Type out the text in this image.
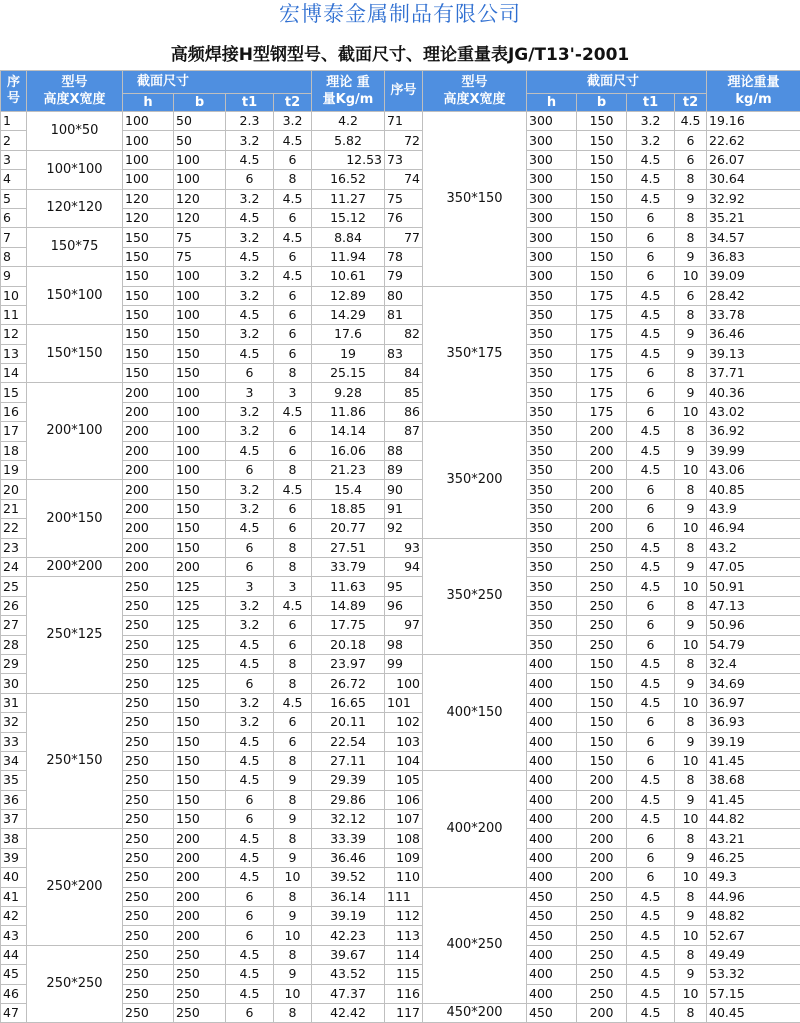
宏博泰金属制品有限公司
高频焊接H型钢型号、截面尺寸、理论重量表JG/T13'-2001
序
号	型号
高度X宽度	截面尺寸				理论 重
量Kg/m	序号	型号
高度X宽度	截面尺寸				理论重量
kg/m
		h	b	t1	t2				h	b	t1	t2	
1	100*50	100	50	2.3	3.2	4.2	71	350*150	300	150	3.2	4.5	19.16
2		100	50	3.2	4.5	5.82	72		300	150	3.2	6	22.62
3	100*100	100	100	4.5	6	12.53	73		300	150	4.5	6	26.07
4		100	100	6	8	16.52	74		300	150	4.5	8	30.64
5	120*120	120	120	3.2	4.5	11.27	75		300	150	4.5	9	32.92
6		120	120	4.5	6	15.12	76		300	150	6	8	35.21
7	150*75	150	75	3.2	4.5	8.84	77		300	150	6	8	34.57
8		150	75	4.5	6	11.94	78		300	150	6	9	36.83
9	150*100	150	100	3.2	4.5	10.61	79		300	150	6	10	39.09
10		150	100	3.2	6	12.89	80	350*175	350	175	4.5	6	28.42
11		150	100	4.5	6	14.29	81		350	175	4.5	8	33.78
12	150*150	150	150	3.2	6	17.6	82		350	175	4.5	9	36.46
13		150	150	4.5	6	19	83		350	175	4.5	9	39.13
14		150	150	6	8	25.15	84		350	175	6	8	37.71
15	200*100	200	100	3	3	9.28	85		350	175	6	9	40.36
16		200	100	3.2	4.5	11.86	86		350	175	6	10	43.02
17		200	100	3.2	6	14.14	87	350*200	350	200	4.5	8	36.92
18		200	100	4.5	6	16.06	88		350	200	4.5	9	39.99
19		200	100	6	8	21.23	89		350	200	4.5	10	43.06
20	200*150	200	150	3.2	4.5	15.4	90		350	200	6	8	40.85
21		200	150	3.2	6	18.85	91		350	200	6	9	43.9
22		200	150	4.5	6	20.77	92		350	200	6	10	46.94
23		200	150	6	8	27.51	93	350*250	350	250	4.5	8	43.2
24	200*200	200	200	6	8	33.79	94		350	250	4.5	9	47.05
25	250*125	250	125	3	3	11.63	95		350	250	4.5	10	50.91
26		250	125	3.2	4.5	14.89	96		350	250	6	8	47.13
27		250	125	3.2	6	17.75	97		350	250	6	9	50.96
28		250	125	4.5	6	20.18	98		350	250	6	10	54.79
29		250	125	4.5	8	23.97	99	400*150	400	150	4.5	8	32.4
30		250	125	6	8	26.72	100		400	150	4.5	9	34.69
31	250*150	250	150	3.2	4.5	16.65	101		400	150	4.5	10	36.97
32		250	150	3.2	6	20.11	102		400	150	6	8	36.93
33		250	150	4.5	6	22.54	103		400	150	6	9	39.19
34		250	150	4.5	8	27.11	104		400	150	6	10	41.45
35		250	150	4.5	9	29.39	105	400*200	400	200	4.5	8	38.68
36		250	150	6	8	29.86	106		400	200	4.5	9	41.45
37		250	150	6	9	32.12	107		400	200	4.5	10	44.82
38	250*200	250	200	4.5	8	33.39	108		400	200	6	8	43.21
39		250	200	4.5	9	36.46	109		400	200	6	9	46.25
40		250	200	4.5	10	39.52	110		400	200	6	10	49.3
41		250	200	6	8	36.14	111	400*250	450	250	4.5	8	44.96
42		250	200	6	9	39.19	112		450	250	4.5	9	48.82
43		250	200	6	10	42.23	113		450	250	4.5	10	52.67
44	250*250	250	250	4.5	8	39.67	114		400	250	4.5	8	49.49
45		250	250	4.5	9	43.52	115		400	250	4.5	9	53.32
46		250	250	4.5	10	47.37	116		400	250	4.5	10	57.15
47		250	250	6	8	42.42	117	450*200	450	200	4.5	8	40.45
